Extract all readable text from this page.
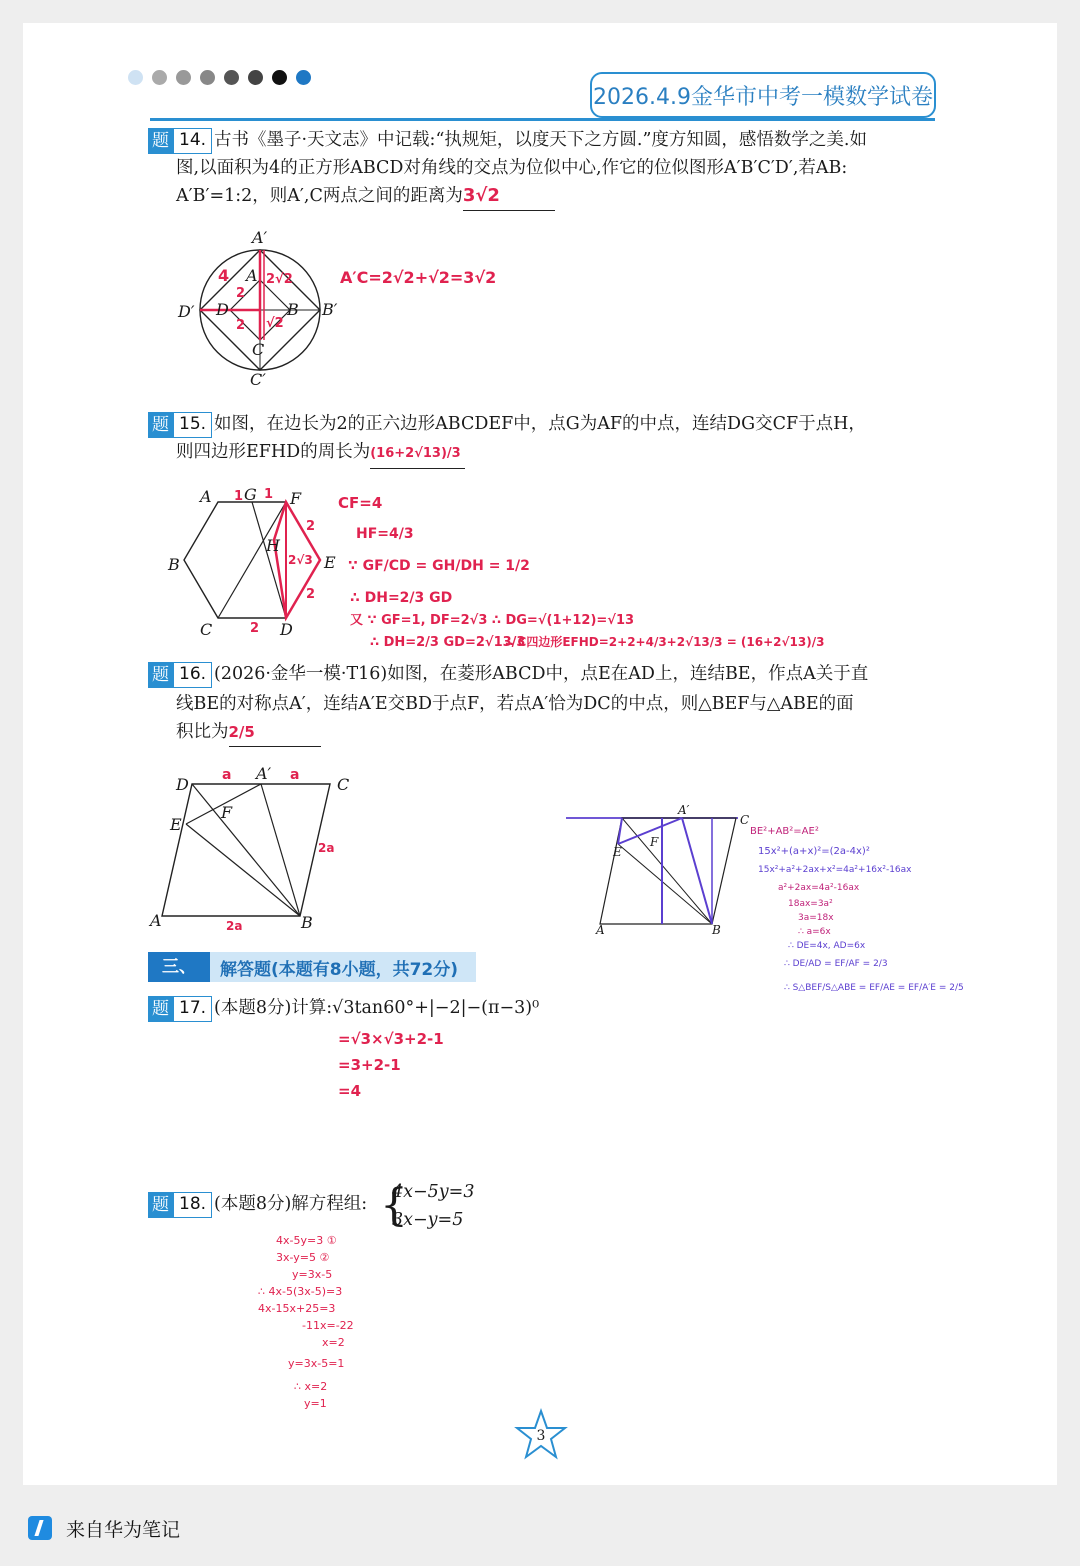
2026.4.9金华市中考一模数学试卷
题 14. 古书《墨子·天文志》中记载:“执规矩，以度天下之方圆.”度方知圆，感悟数学之美.如
图,以面积为4的正方形ABCD对角线的交点为位似中心,作它的位似图形A′B′C′D′,若AB:
A′B′=1:2，则A′,C两点之间的距离为3√2
A′
A
D′ D	B B′
C
C′
4
2
2√2
2 √2
A′C=2√2+√2=3√2
题 15. 如图，在边长为2的正六边形ABCDEF中，点G为AF的中点，连结DG交CF于点H，
则四边形EFHD的周长为(16+2√13)/3
A G F
B
H
E
C	D
1 1
2
2√3
2
2
CF=4
HF=4/3
∵ GF/CD = GH/DH = 1/2
∴ DH=2/3 GD
又 ∵ GF=1, DF=2√3 ∴ DG=√(1+12)=√13
∴ DH=2/3 GD=2√13/3
∴ C四边形EFHD=2+2+4/3+2√13/3 = (16+2√13)/3
题 16. (2026·金华一模·T16)如图，在菱形ABCD中，点E在AD上，连结BE，作点A关于直
线BE的对称点A′，连结A′E交BD于点F，若点A′恰为DC的中点，则△BEF与△ABE的面
积比为2/5
D
A′
C
F
E
A	B
a	a
2a
2a
E
F
A′
C
A	B
BE²+AB²=AE²
15x²+(a+x)²=(2a-4x)²
15x²+a²+2ax+x²=4a²+16x²-16ax
a²+2ax=4a²-16ax
18ax=3a²
3a=18x
∴ a=6x
∴ DE=4x, AD=6x
∴ DE/AD = EF/AF = 2/3
∴ S△BEF/S△ABE = EF/AE = EF/A′E = 2/5
三、	解答题(本题有8小题，共72分)
题 17. (本题8分)计算:√3tan60°+|−2|−(π−3)⁰
=√3×√3+2-1
=3+2-1
=4
题 18. (本题8分)解方程组: {
4x−5y=3
3x−y=5
4x-5y=3 ①
3x-y=5 ②
y=3x-5
∴ 4x-5(3x-5)=3
4x-15x+25=3
-11x=-22
x=2
y=3x-5=1
∴ x=2
y=1
3
来自华为笔记
